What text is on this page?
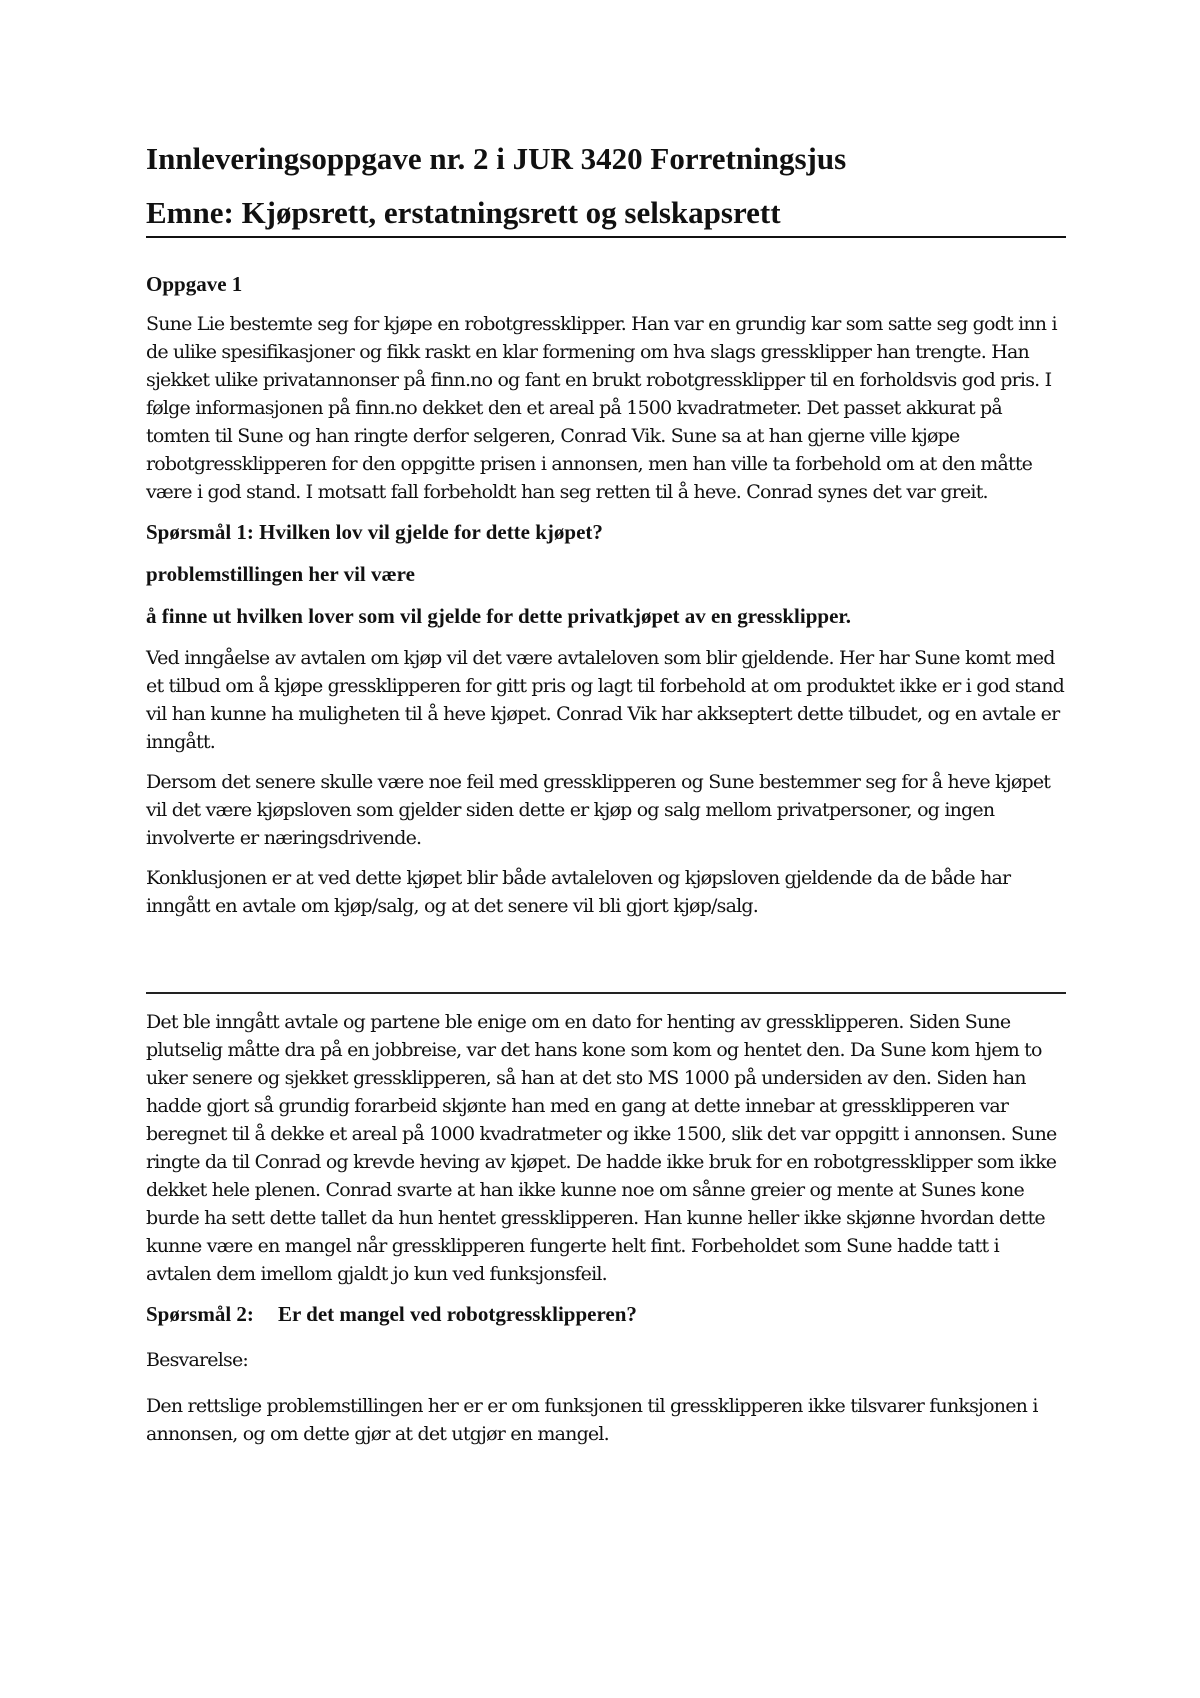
Innleveringsoppgave nr. 2 i JUR 3420 Forretningsjus
Emne: Kjøpsrett, erstatningsrett og selskapsrett
Oppgave 1

Sune Lie bestemte seg for kjøpe en robotgressklipper. Han var en grundig kar som satte seg godt inn i de ulike spesifikasjoner og fikk raskt en klar formening om hva slags gressklipper han trengte. Han sjekket ulike privatannonser på finn.no og fant en brukt robotgressklipper til en forholdsvis god pris. I følge informasjonen på finn.no dekket den et areal på 1500 kvadratmeter. Det passet akkurat på tomten til Sune og han ringte derfor selgeren, Conrad Vik. Sune sa at han gjerne ville kjøpe robotgressklipperen for den oppgitte prisen i annonsen, men han ville ta forbehold om at den måtte være i god stand. I motsatt fall forbeholdt han seg retten til å heve. Conrad synes det var greit.

Spørsmål 1: Hvilken lov vil gjelde for dette kjøpet?

problemstillingen her vil være

å finne ut hvilken lover som vil gjelde for dette privatkjøpet av en gressklipper.

Ved inngåelse av avtalen om kjøp vil det være avtaleloven som blir gjeldende. Her har Sune komt med et tilbud om å kjøpe gressklipperen for gitt pris og lagt til forbehold at om produktet ikke er i god stand vil han kunne ha muligheten til å heve kjøpet. Conrad Vik har akkseptert dette tilbudet, og en avtale er inngått.

Dersom det senere skulle være noe feil med gressklipperen og Sune bestemmer seg for å heve kjøpet vil det være kjøpsloven som gjelder siden dette er kjøp og salg mellom privatpersoner, og ingen involverte er næringsdrivende.

Konklusjonen er at ved dette kjøpet blir både avtaleloven og kjøpsloven gjeldende da de både har inngått en avtale om kjøp/salg, og at det senere vil bli gjort kjøp/salg.

Det ble inngått avtale og partene ble enige om en dato for henting av gressklipperen. Siden Sune plutselig måtte dra på en jobbreise, var det hans kone som kom og hentet den. Da Sune kom hjem to uker senere og sjekket gressklipperen, så han at det sto MS 1000 på undersiden av den. Siden han hadde gjort så grundig forarbeid skjønte han med en gang at dette innebar at gressklipperen var beregnet til å dekke et areal på 1000 kvadratmeter og ikke 1500, slik det var oppgitt i annonsen. Sune ringte da til Conrad og krevde heving av kjøpet. De hadde ikke bruk for en robotgressklipper som ikke dekket hele plenen. Conrad svarte at han ikke kunne noe om sånne greier og mente at Sunes kone burde ha sett dette tallet da hun hentet gressklipperen. Han kunne heller ikke skjønne hvordan dette kunne være en mangel når gressklipperen fungerte helt fint. Forbeholdet som Sune hadde tatt i avtalen dem imellom gjaldt jo kun ved funksjonsfeil.

Spørsmål 2: Er det mangel ved robotgressklipperen?

Besvarelse:

Den rettslige problemstillingen her er er om funksjonen til gressklipperen ikke tilsvarer funksjonen i annonsen, og om dette gjør at det utgjør en mangel.
